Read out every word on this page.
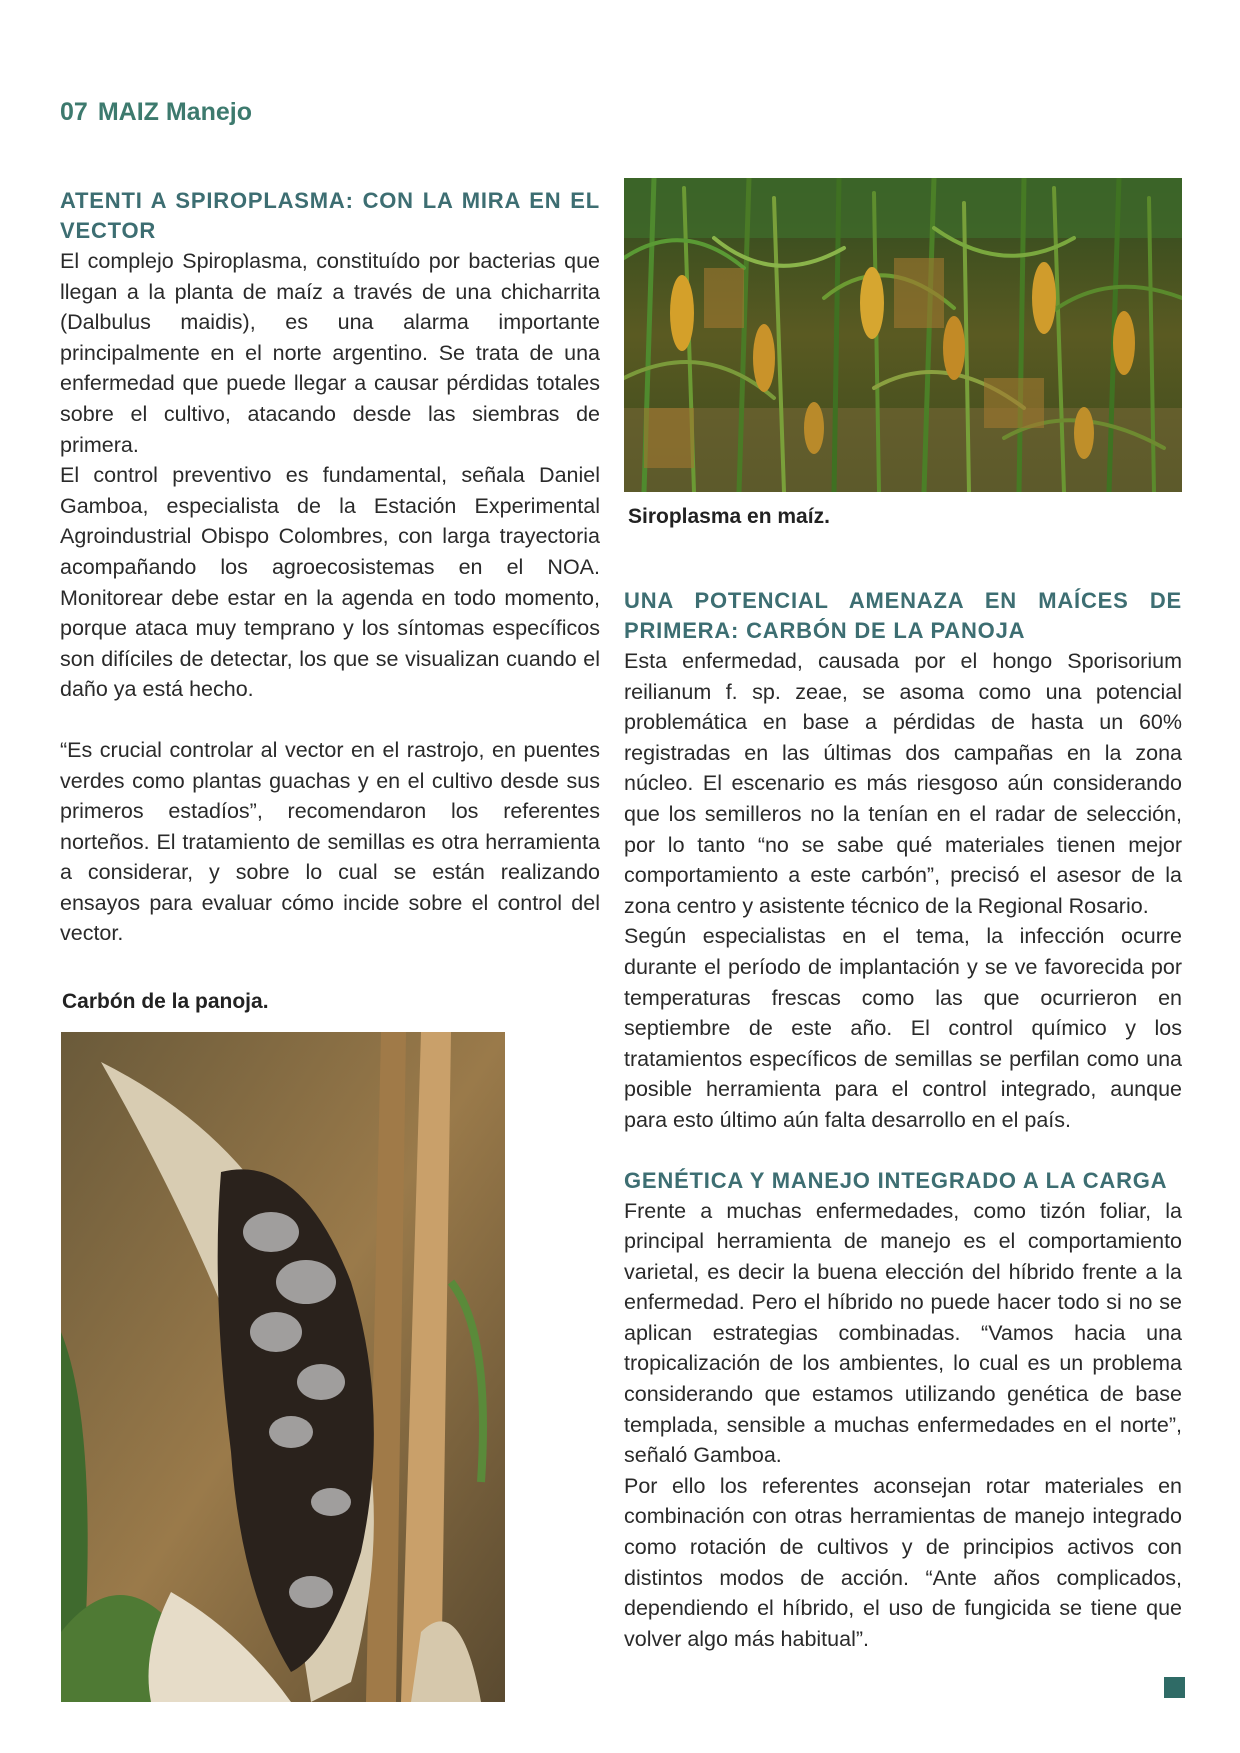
07 MAIZ Manejo
ATENTI A SPIROPLASMA: CON LA MIRA EN EL VECTOR

El complejo Spiroplasma, constituído por bacterias que llegan a la planta de maíz a través de una chicharrita (Dalbulus maidis), es una alarma importante principalmente en el norte argentino. Se trata de una enfermedad que puede llegar a causar pérdidas totales sobre el cultivo, atacando desde las siembras de primera.

El control preventivo es fundamental, señala Daniel Gamboa, especialista de la Estación Experimental Agroindustrial Obispo Colombres, con larga trayectoria acompañando los agroecosistemas en el NOA. Monitorear debe estar en la agenda en todo momento, porque ataca muy temprano y los síntomas específicos son difíciles de detectar, los que se visualizan cuando el daño ya está hecho.

“Es crucial controlar al vector en el rastrojo, en puentes verdes como plantas guachas y en el cultivo desde sus primeros estadíos”, recomendaron los referentes norteños. El tratamiento de semillas es otra herramienta a considerar, y sobre lo cual se están realizando ensayos para evaluar cómo incide sobre el control del vector.

Siroplasma en maíz.
UNA POTENCIAL AMENAZA EN MAÍCES DE PRIMERA: CARBÓN DE LA PANOJA

Esta enfermedad, causada por el hongo Sporisorium reilianum f. sp. zeae, se asoma como una potencial problemática en base a pérdidas de hasta un 60% registradas en las últimas dos campañas en la zona núcleo. El escenario es más riesgoso aún considerando que los semilleros no la tenían en el radar de selección, por lo tanto “no se sabe qué materiales tienen mejor comportamiento a este carbón”, precisó el asesor de la zona centro y asistente técnico de la Regional Rosario.

Según especialistas en el tema, la infección ocurre durante el período de implantación y se ve favorecida por temperaturas frescas como las que ocurrieron en septiembre de este año. El control químico y los tratamientos específicos de semillas se perfilan como una posible herramienta para el control integrado, aunque para esto último aún falta desarrollo en el país.

GENÉTICA Y MANEJO INTEGRADO A LA CARGA

Frente a muchas enfermedades, como tizón foliar, la principal herramienta de manejo es el comportamiento varietal, es decir la buena elección del híbrido frente a la enfermedad. Pero el híbrido no puede hacer todo si no se aplican estrategias combinadas. “Vamos hacia una tropicalización de los ambientes, lo cual es un problema considerando que estamos utilizando genética de base templada, sensible a muchas enfermedades en el norte”, señaló Gamboa.

Por ello los referentes aconsejan rotar materiales en combinación con otras herramientas de manejo integrado como rotación de cultivos y de principios activos con distintos modos de acción. “Ante años complicados, dependiendo el híbrido, el uso de fungicida se tiene que volver algo más habitual”.

Carbón de la panoja.
